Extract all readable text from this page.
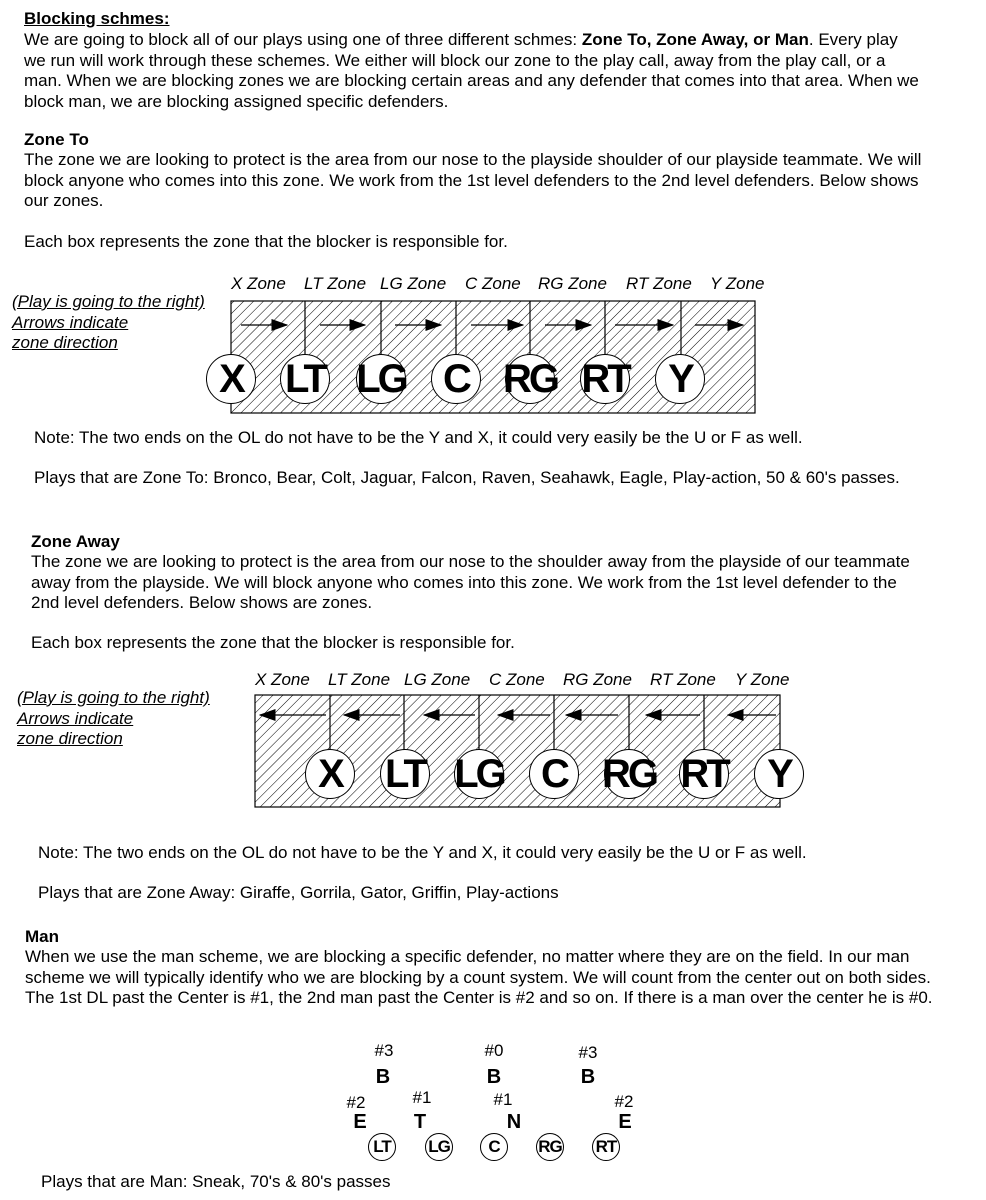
Blocking schmes:
We are going to block all of our plays using one of three different schmes: Zone To, Zone Away, or Man. Every play we run will work through these schemes. We either will block our zone to the play call, away from the play call, or a man. When we are blocking zones we are blocking certain areas and any defender that comes into that area. When we block man, we are blocking assigned specific defenders.
Zone To
The zone we are looking to protect is the area from our nose to the playside shoulder of our playside teammate. We will block anyone who comes into this zone. We work from the 1st level defenders to the 2nd level defenders. Below shows our zones.
Each box represents the zone that the blocker is responsible for.
(Play is going to the right)
Arrows indicate
zone direction
X Zone LT Zone LG Zone C Zone RG Zone RT Zone Y Zone
X	LT LG C RG RT Y
Note: The two ends on the OL do not have to be the Y and X, it could very easily be the U or F as well.
Plays that are Zone To: Bronco, Bear, Colt, Jaguar, Falcon, Raven, Seahawk, Eagle, Play-action, 50 & 60's passes.
Zone Away
The zone we are looking to protect is the area from our nose to the shoulder away from the playside of our teammate away from the playside. We will block anyone who comes into this zone. We work from the 1st level defender to the 2nd level defenders. Below shows are zones.
Each box represents the zone that the blocker is responsible for.
(Play is going to the right)
Arrows indicate
zone direction
X Zone LT Zone LG Zone C Zone RG Zone RT Zone Y Zone
X	LT LG C RG RT Y
Note: The two ends on the OL do not have to be the Y and X, it could very easily be the U or F as well.
Plays that are Zone Away: Giraffe, Gorrila, Gator, Griffin, Play-actions
Man
When we use the man scheme, we are blocking a specific defender, no matter where they are on the field. In our man scheme we will typically identify who we are blocking by a count system. We will count from the center out on both sides. The 1st DL past the Center is #1, the 2nd man past the Center is #2 and so on. If there is a man over the center he is #0.
#3	#0	#3
B	B	B
#2	#1	#1	#2
E	T	N	E
LT	LG	C	RG RT
Plays that are Man: Sneak, 70's & 80's passes
